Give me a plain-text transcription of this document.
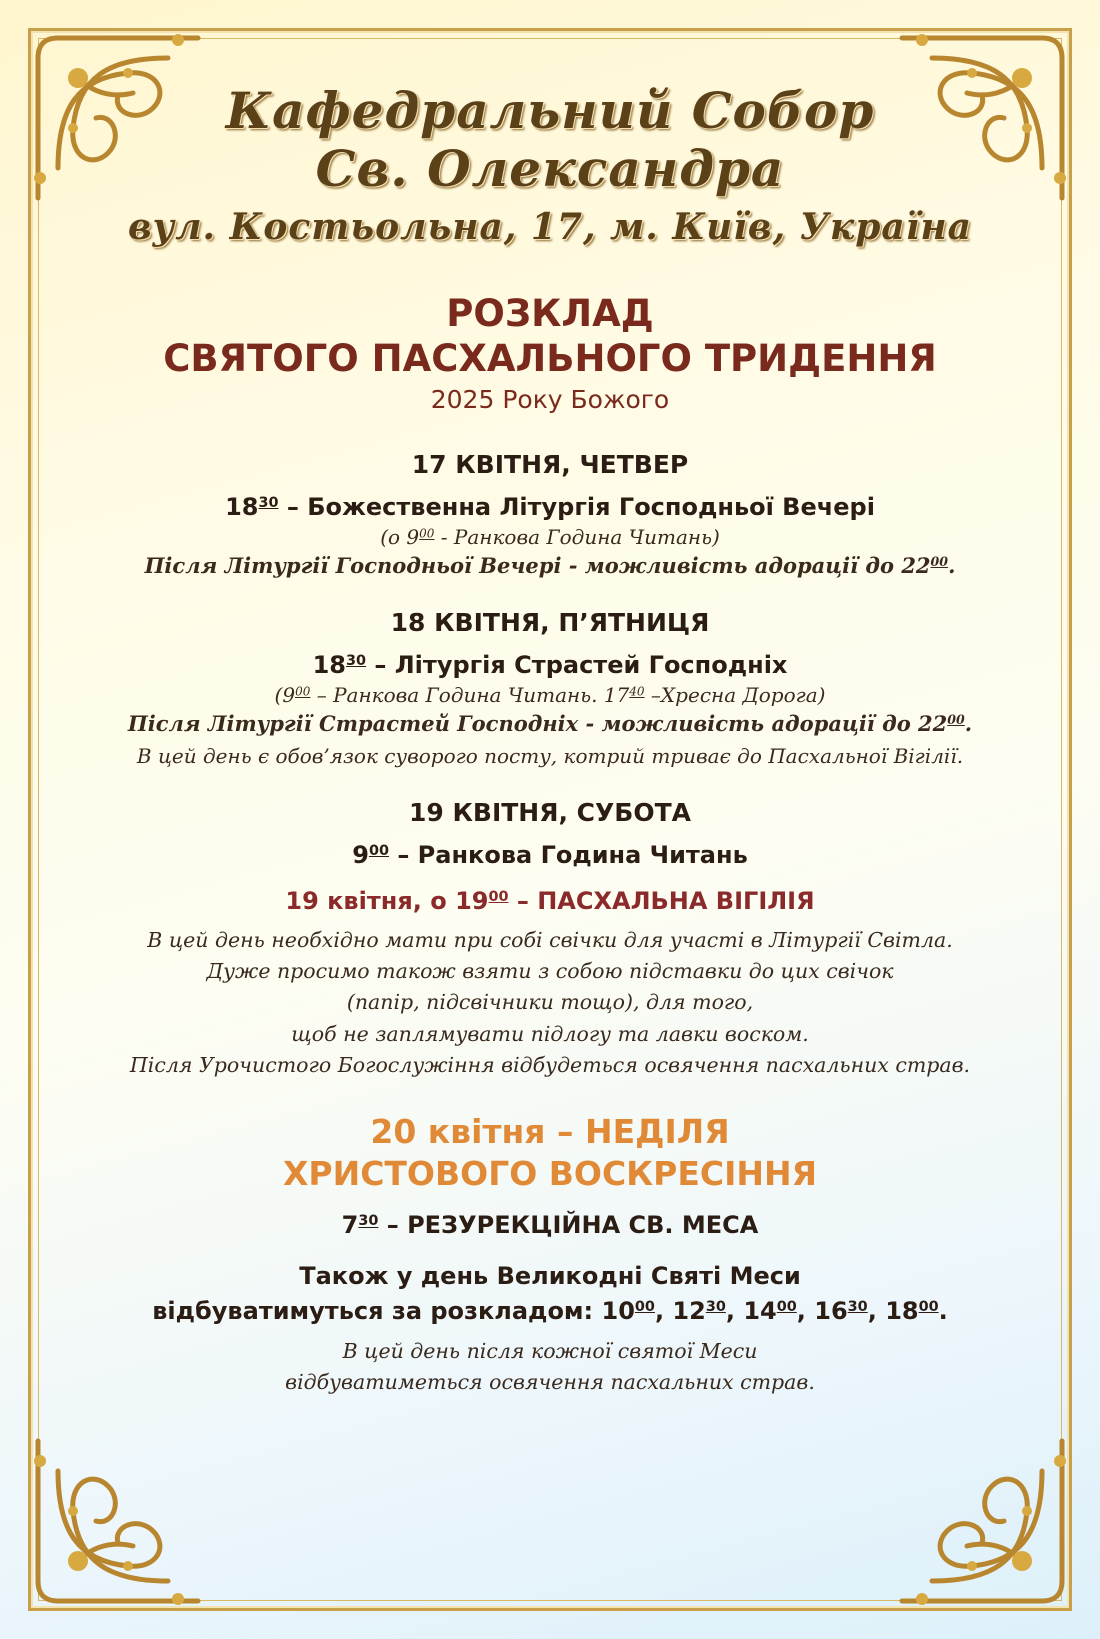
Кафедральний Собор
Св. Олександра
вул. Костьольна, 17, м. Київ, Україна
РОЗКЛАД
СВЯТОГО ПАСХАЛЬНОГО ТРИДЕННЯ
2025 Року Божого
17 КВІТНЯ, ЧЕТВЕР
$18^{30}$ – Божественна Літургія Господньої Вечері
(о $9^{00}$ - Ранкова Година Читань)
Після Літургії Господньої Вечері - можливість адорації до $22^{00}$.
18 КВІТНЯ, П’ЯТНИЦЯ
$18^{30}$ – Літургія Страстей Господніх
($9^{00}$ – Ранкова Година Читань. $17^{40}$ –Хресна Дорога)
Після Літургії Страстей Господніх - можливість адорації до $22^{00}$.
В цей день є обов’язок суворого посту, котрий триває до Пасхальної Вігілії.
19 КВІТНЯ, СУБОТА
$9^{00}$ – Ранкова Година Читань
19 квітня, о $19^{00}$ – ПАСХАЛЬНА ВІГІЛІЯ
В цей день необхідно мати при собі свічки для участі в Літургії Світла.
Дуже просимо також взяти з собою підставки до цих свічок
(папір, підсвічники тощо), для того,
щоб не заплямувати підлогу та лавки воском.
Після Урочистого Богослужіння відбудеться освячення пасхальних страв.
20 квітня – НЕДІЛЯ
ХРИСТОВОГО ВОСКРЕСІННЯ
$7^{30}$ – РЕЗУРЕКЦІЙНА СВ. МЕСА
Також у день Великодні Святі Меси
відбуватимуться за розкладом: $10^{00}$, $12^{30}$, $14^{00}$, $16^{30}$, $18^{00}$.
В цей день після кожної святої Меси
відбуватиметься освячення пасхальних страв.
